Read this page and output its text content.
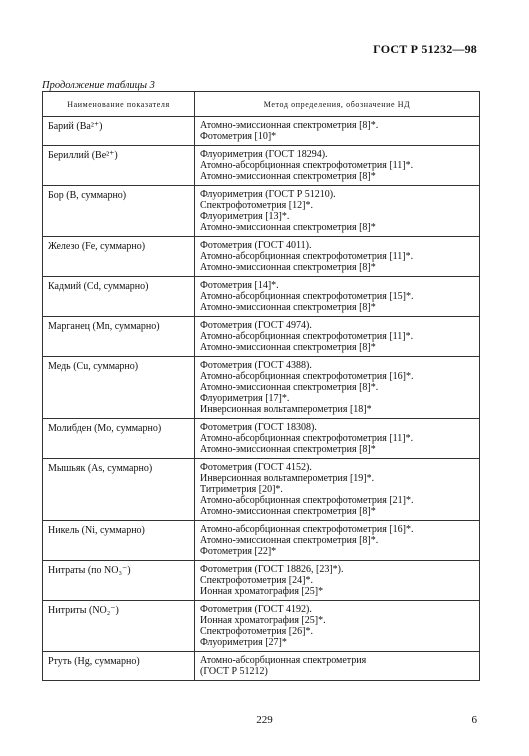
ГОСТ Р 51232—98
Продолжение таблицы 3
Наименование показателя	Метод определения, обозначение НД
Барий (Ba²⁺)	Атомно-эмиссионная спектрометрия [8]*.
Фотометрия [10]*

Бериллий (Be²⁺)	Флуориметрия (ГОСТ 18294).
Атомно-абсорбционная спектрофотометрия [11]*.
Атомно-эмиссионная спектрометрия [8]*

Бор (B, суммарно)	Флуориметрия (ГОСТ Р 51210).
Спектрофотометрия [12]*.
Флуориметрия [13]*.
Атомно-эмиссионная спектрометрия [8]*

Железо (Fe, суммарно)	Фотометрия (ГОСТ 4011).
Атомно-абсорбционная спектрофотометрия [11]*.
Атомно-эмиссионная спектрометрия [8]*

Кадмий (Cd, суммарно)	Фотометрия [14]*.
Атомно-абсорбционная спектрофотометрия [15]*.
Атомно-эмиссионная спектрометрия [8]*

Марганец (Mn, суммарно)	Фотометрия (ГОСТ 4974).
Атомно-абсорбционная спектрофотометрия [11]*.
Атомно-эмиссионная спектрометрия [8]*

Медь (Cu, суммарно)	Фотометрия (ГОСТ 4388).
Атомно-абсорбционная спектрофотометрия [16]*.
Атомно-эмиссионная спектрометрия [8]*.
Флуориметрия [17]*.
Инверсионная вольтамперометрия [18]*

Молибден (Mo, суммарно)	Фотометрия (ГОСТ 18308).
Атомно-абсорбционная спектрофотометрия [11]*.
Атомно-эмиссионная спектрометрия [8]*

Мышьяк (As, суммарно)	Фотометрия (ГОСТ 4152).
Инверсионная вольтамперометрия [19]*.
Титриметрия [20]*.
Атомно-абсорбционная спектрофотометрия [21]*.
Атомно-эмиссионная спектрометрия [8]*

Никель (Ni, суммарно)	Атомно-абсорбционная спектрофотометрия [16]*.
Атомно-эмиссионная спектрометрия [8]*.
Фотометрия [22]*

Нитраты (по NO₃⁻)	Фотометрия (ГОСТ 18826, [23]*).
Спектрофотометрия [24]*.
Ионная хроматография [25]*

Нитриты (NO₂⁻)	Фотометрия (ГОСТ 4192).
Ионная хроматография [25]*.
Спектрофотометрия [26]*.
Флуориметрия [27]*

Ртуть (Hg, суммарно)	Атомно-абсорбционная спектрометрия
(ГОСТ Р 51212)
229	6
